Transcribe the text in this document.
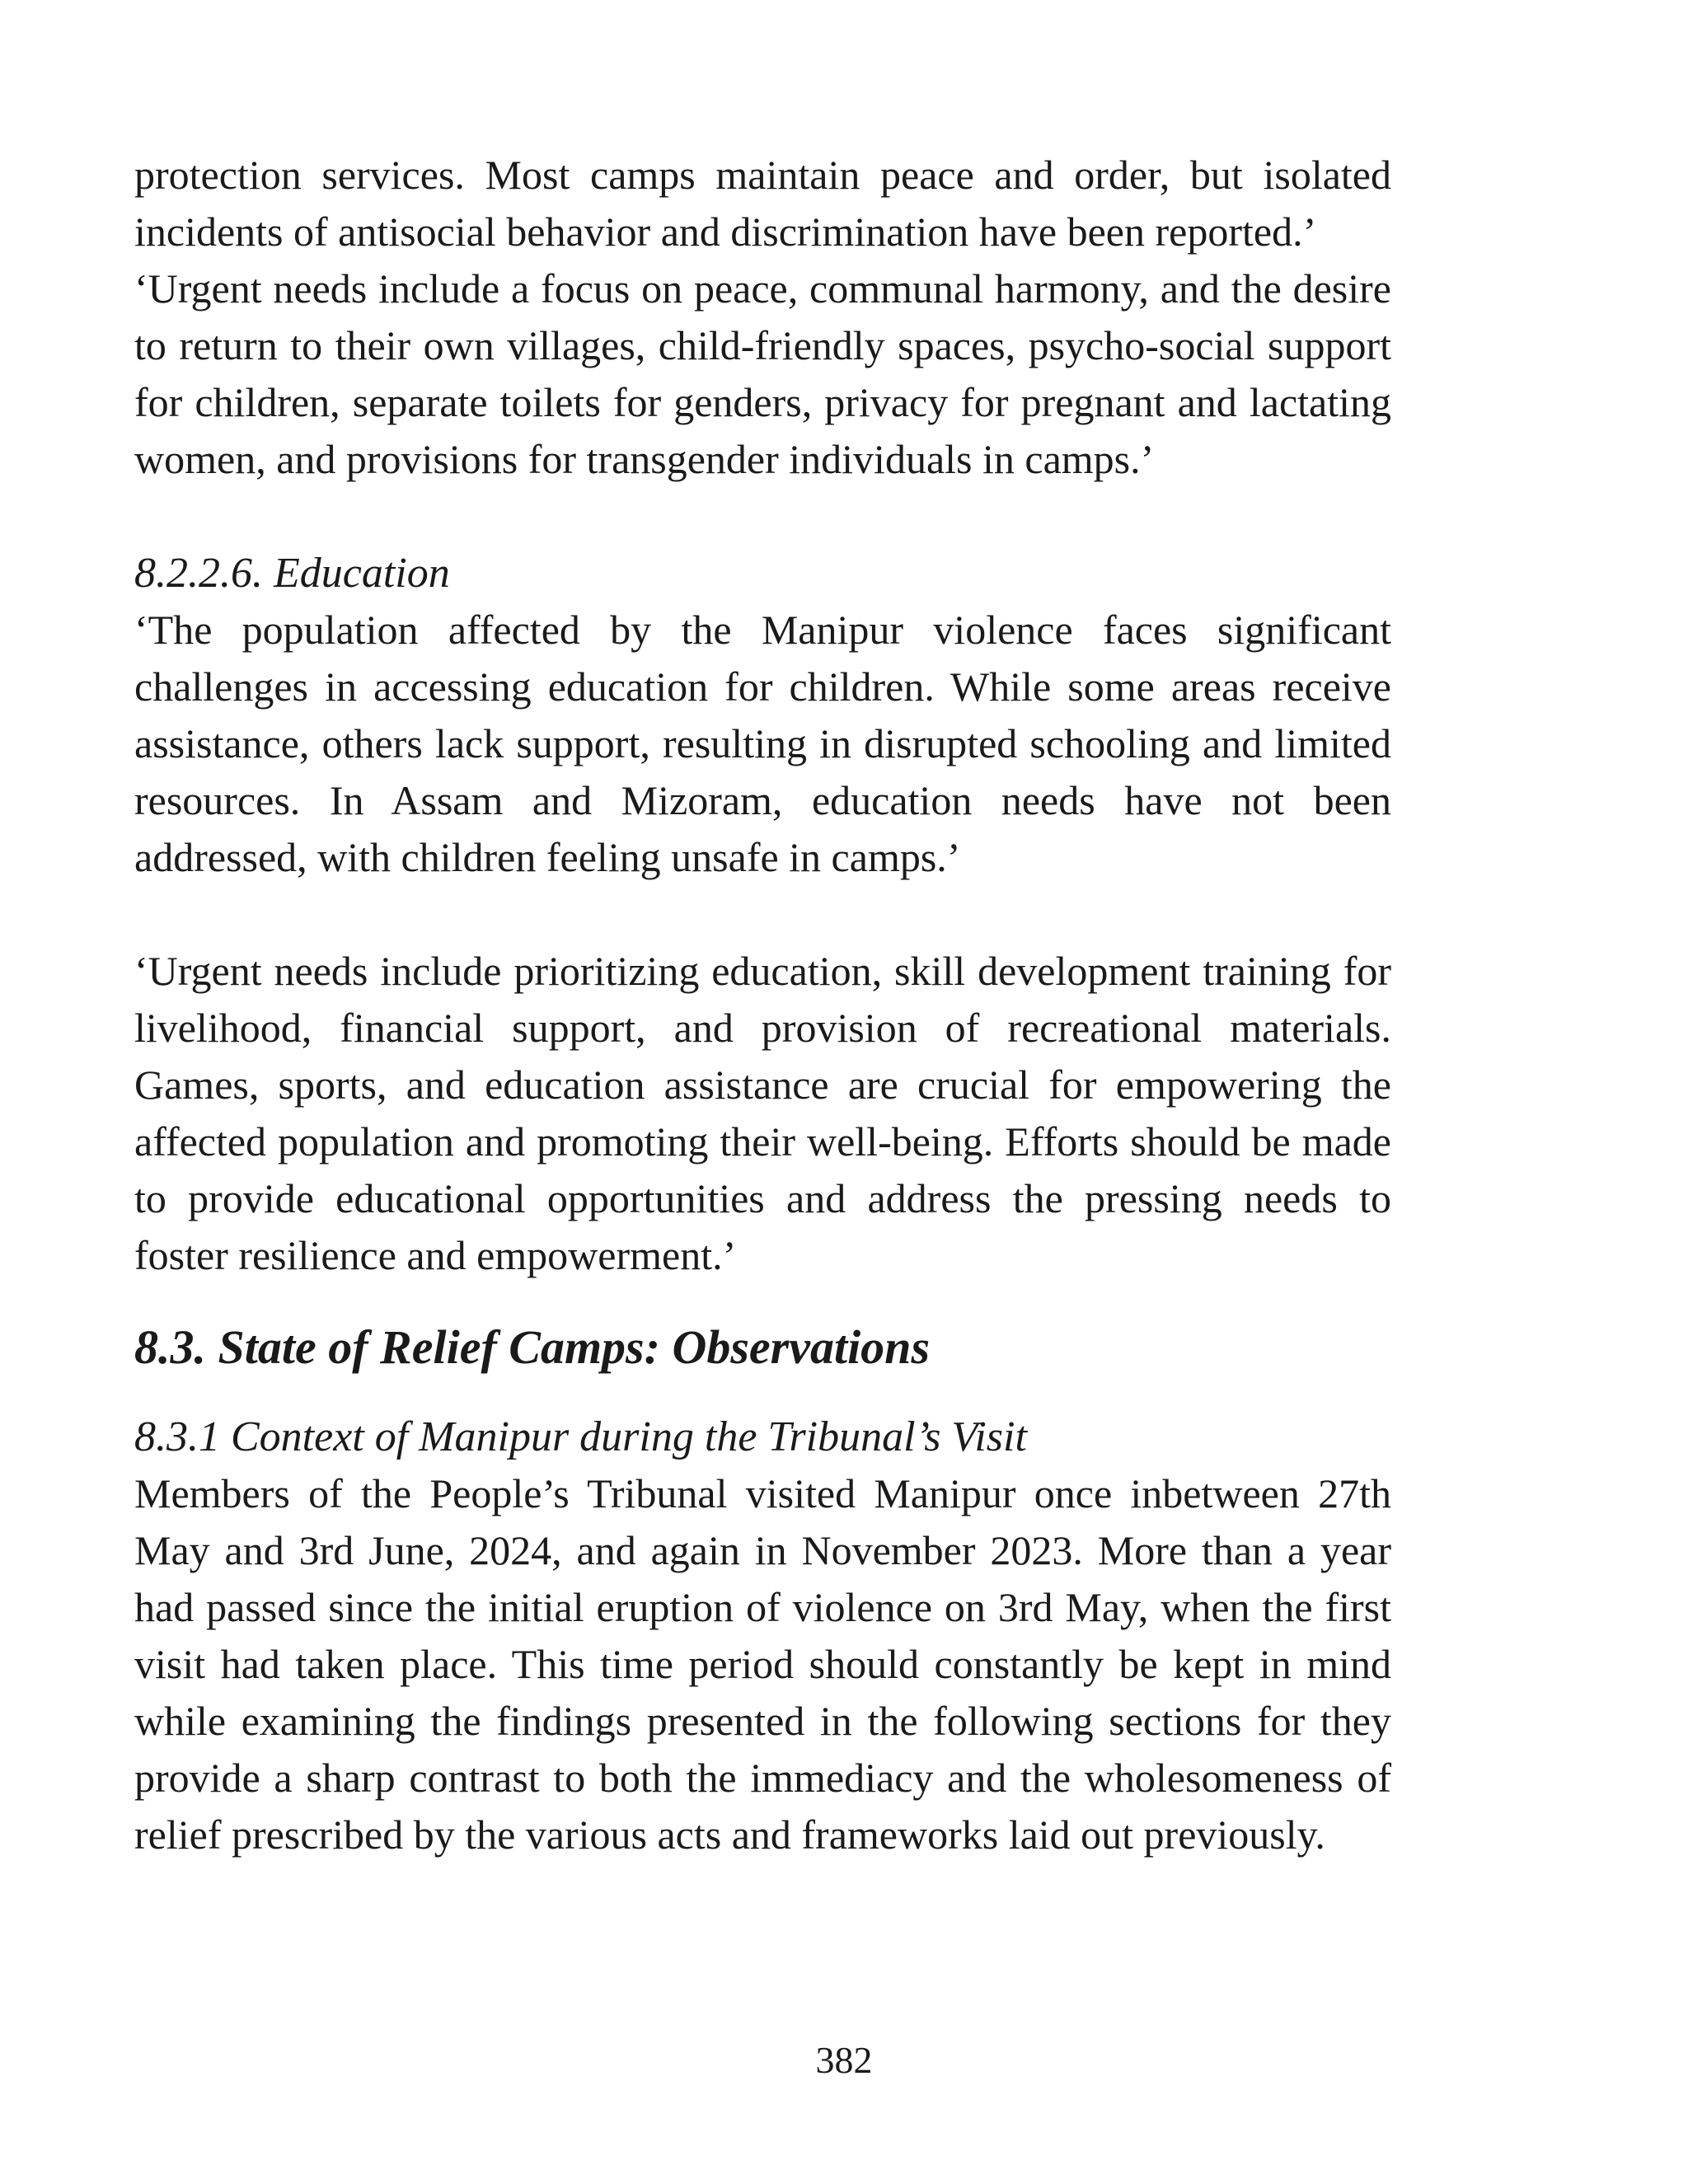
protection services. Most camps maintain peace and order, but isolated incidents of antisocial behavior and discrimination have been reported.’

‘Urgent needs include a focus on peace, communal harmony, and the desire to return to their own villages, child-friendly spaces, psycho-social support for children, separate toilets for genders, privacy for pregnant and lactating women, and provisions for transgender individuals in camps.’

8.2.2.6. Education

‘The population affected by the Manipur violence faces significant challenges in accessing education for children. While some areas receive assistance, others lack support, resulting in disrupted schooling and limited resources. In Assam and Mizoram, education needs have not been addressed, with children feeling unsafe in camps.’

‘Urgent needs include prioritizing education, skill development training for livelihood, financial support, and provision of recreational materials. Games, sports, and education assistance are crucial for empowering the affected population and promoting their well-being. Efforts should be made to provide educational opportunities and address the pressing needs to foster resilience and empowerment.’

8.3. State of Relief Camps: Observations
8.3.1 Context of Manipur during the Tribunal’s Visit

Members of the People’s Tribunal visited Manipur once inbetween 27th May and 3rd June, 2024, and again in November 2023. More than a year had passed since the initial eruption of violence on 3rd May, when the first visit had taken place. This time period should constantly be kept in mind while examining the findings presented in the following sections for they provide a sharp contrast to both the immediacy and the wholesomeness of relief prescribed by the various acts and frameworks laid out previously.

382
